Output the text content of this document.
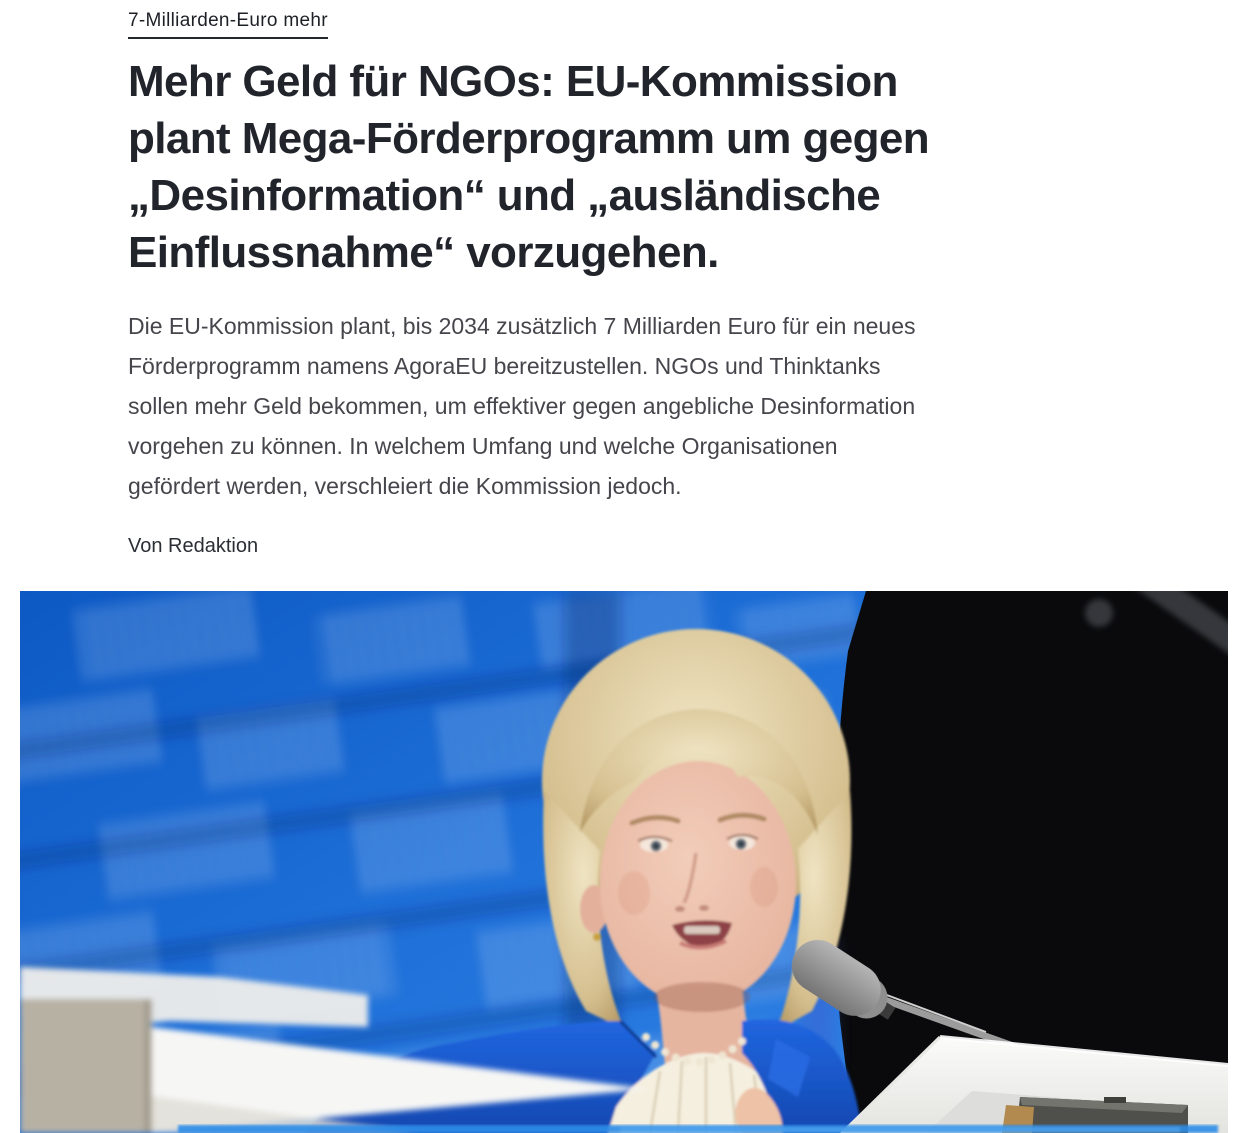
7-Milliarden-Euro mehr
Mehr Geld für NGOs: EU-Kommission
plant Mega-Förderprogramm um gegen
„Desinformation“ und „ausländische
Einflussnahme“ vorzugehen.

Die EU-Kommission plant, bis 2034 zusätzlich 7 Milliarden Euro für ein neues
Förderprogramm namens AgoraEU bereitzustellen. NGOs und Thinktanks
sollen mehr Geld bekommen, um effektiver gegen angebliche Desinformation
vorgehen zu können. In welchem Umfang und welche Organisationen
gefördert werden, verschleiert die Kommission jedoch.

Von Redaktion
